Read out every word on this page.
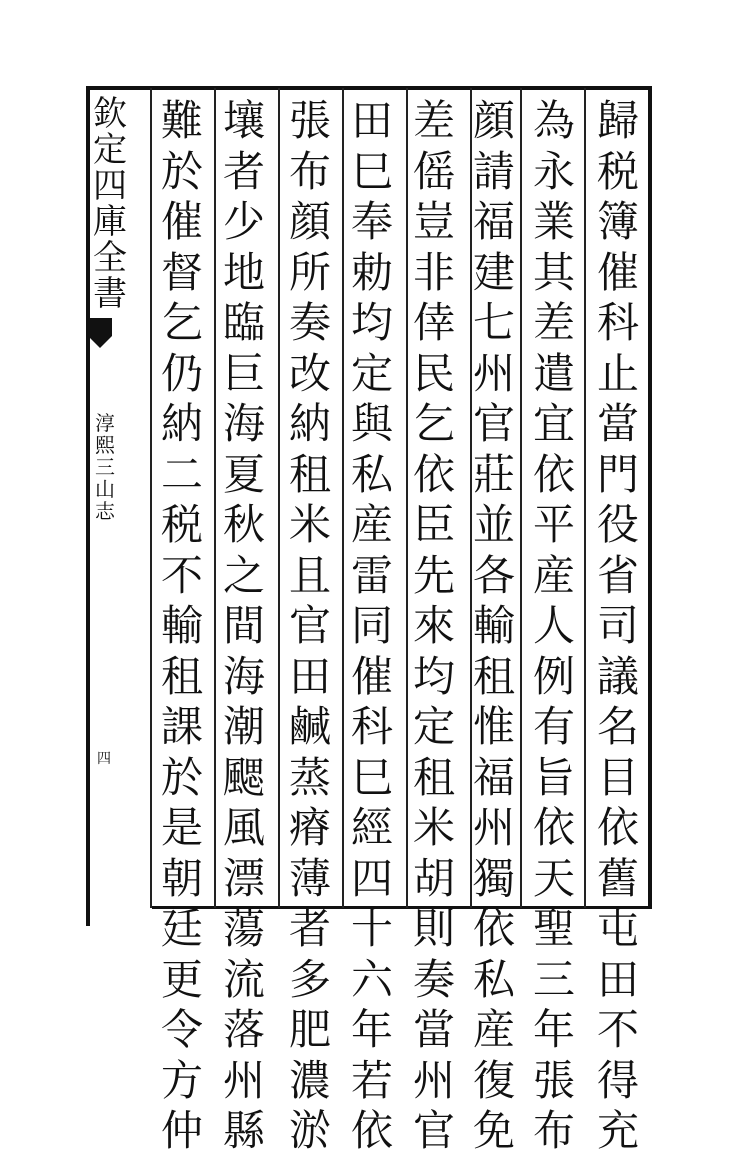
欽
定
四
庫
全
書
淳
熙
三
山
志
四
歸
税
簿
催
科
止
當
門
役
省
司
議
名
目
依
舊
屯
田
不
得
充
為
永
業
其
差
遣
宜
依
平
産
人
例
有
旨
依
天
聖
三
年
張
布
顔
請
福
建
七
州
官
莊
並
各
輸
租
惟
福
州
獨
依
私
産
復
免
差
傜
豈
非
倖
民
乞
依
臣
先
來
均
定
租
米
胡
則
奏
當
州
官
田
巳
奉
勅
均
定
與
私
産
雷
同
催
科
巳
經
四
十
六
年
若
依
張
布
顔
所
奏
改
納
租
米
且
官
田
鹹
蒸
瘠
薄
者
多
肥
濃
淤
壤
者
少
地
臨
巨
海
夏
秋
之
間
海
潮
颸
風
漂
蕩
流
落
州
縣
難
於
催
督
乞
仍
納
二
税
不
輸
租
課
於
是
朝
廷
更
令
方
仲
